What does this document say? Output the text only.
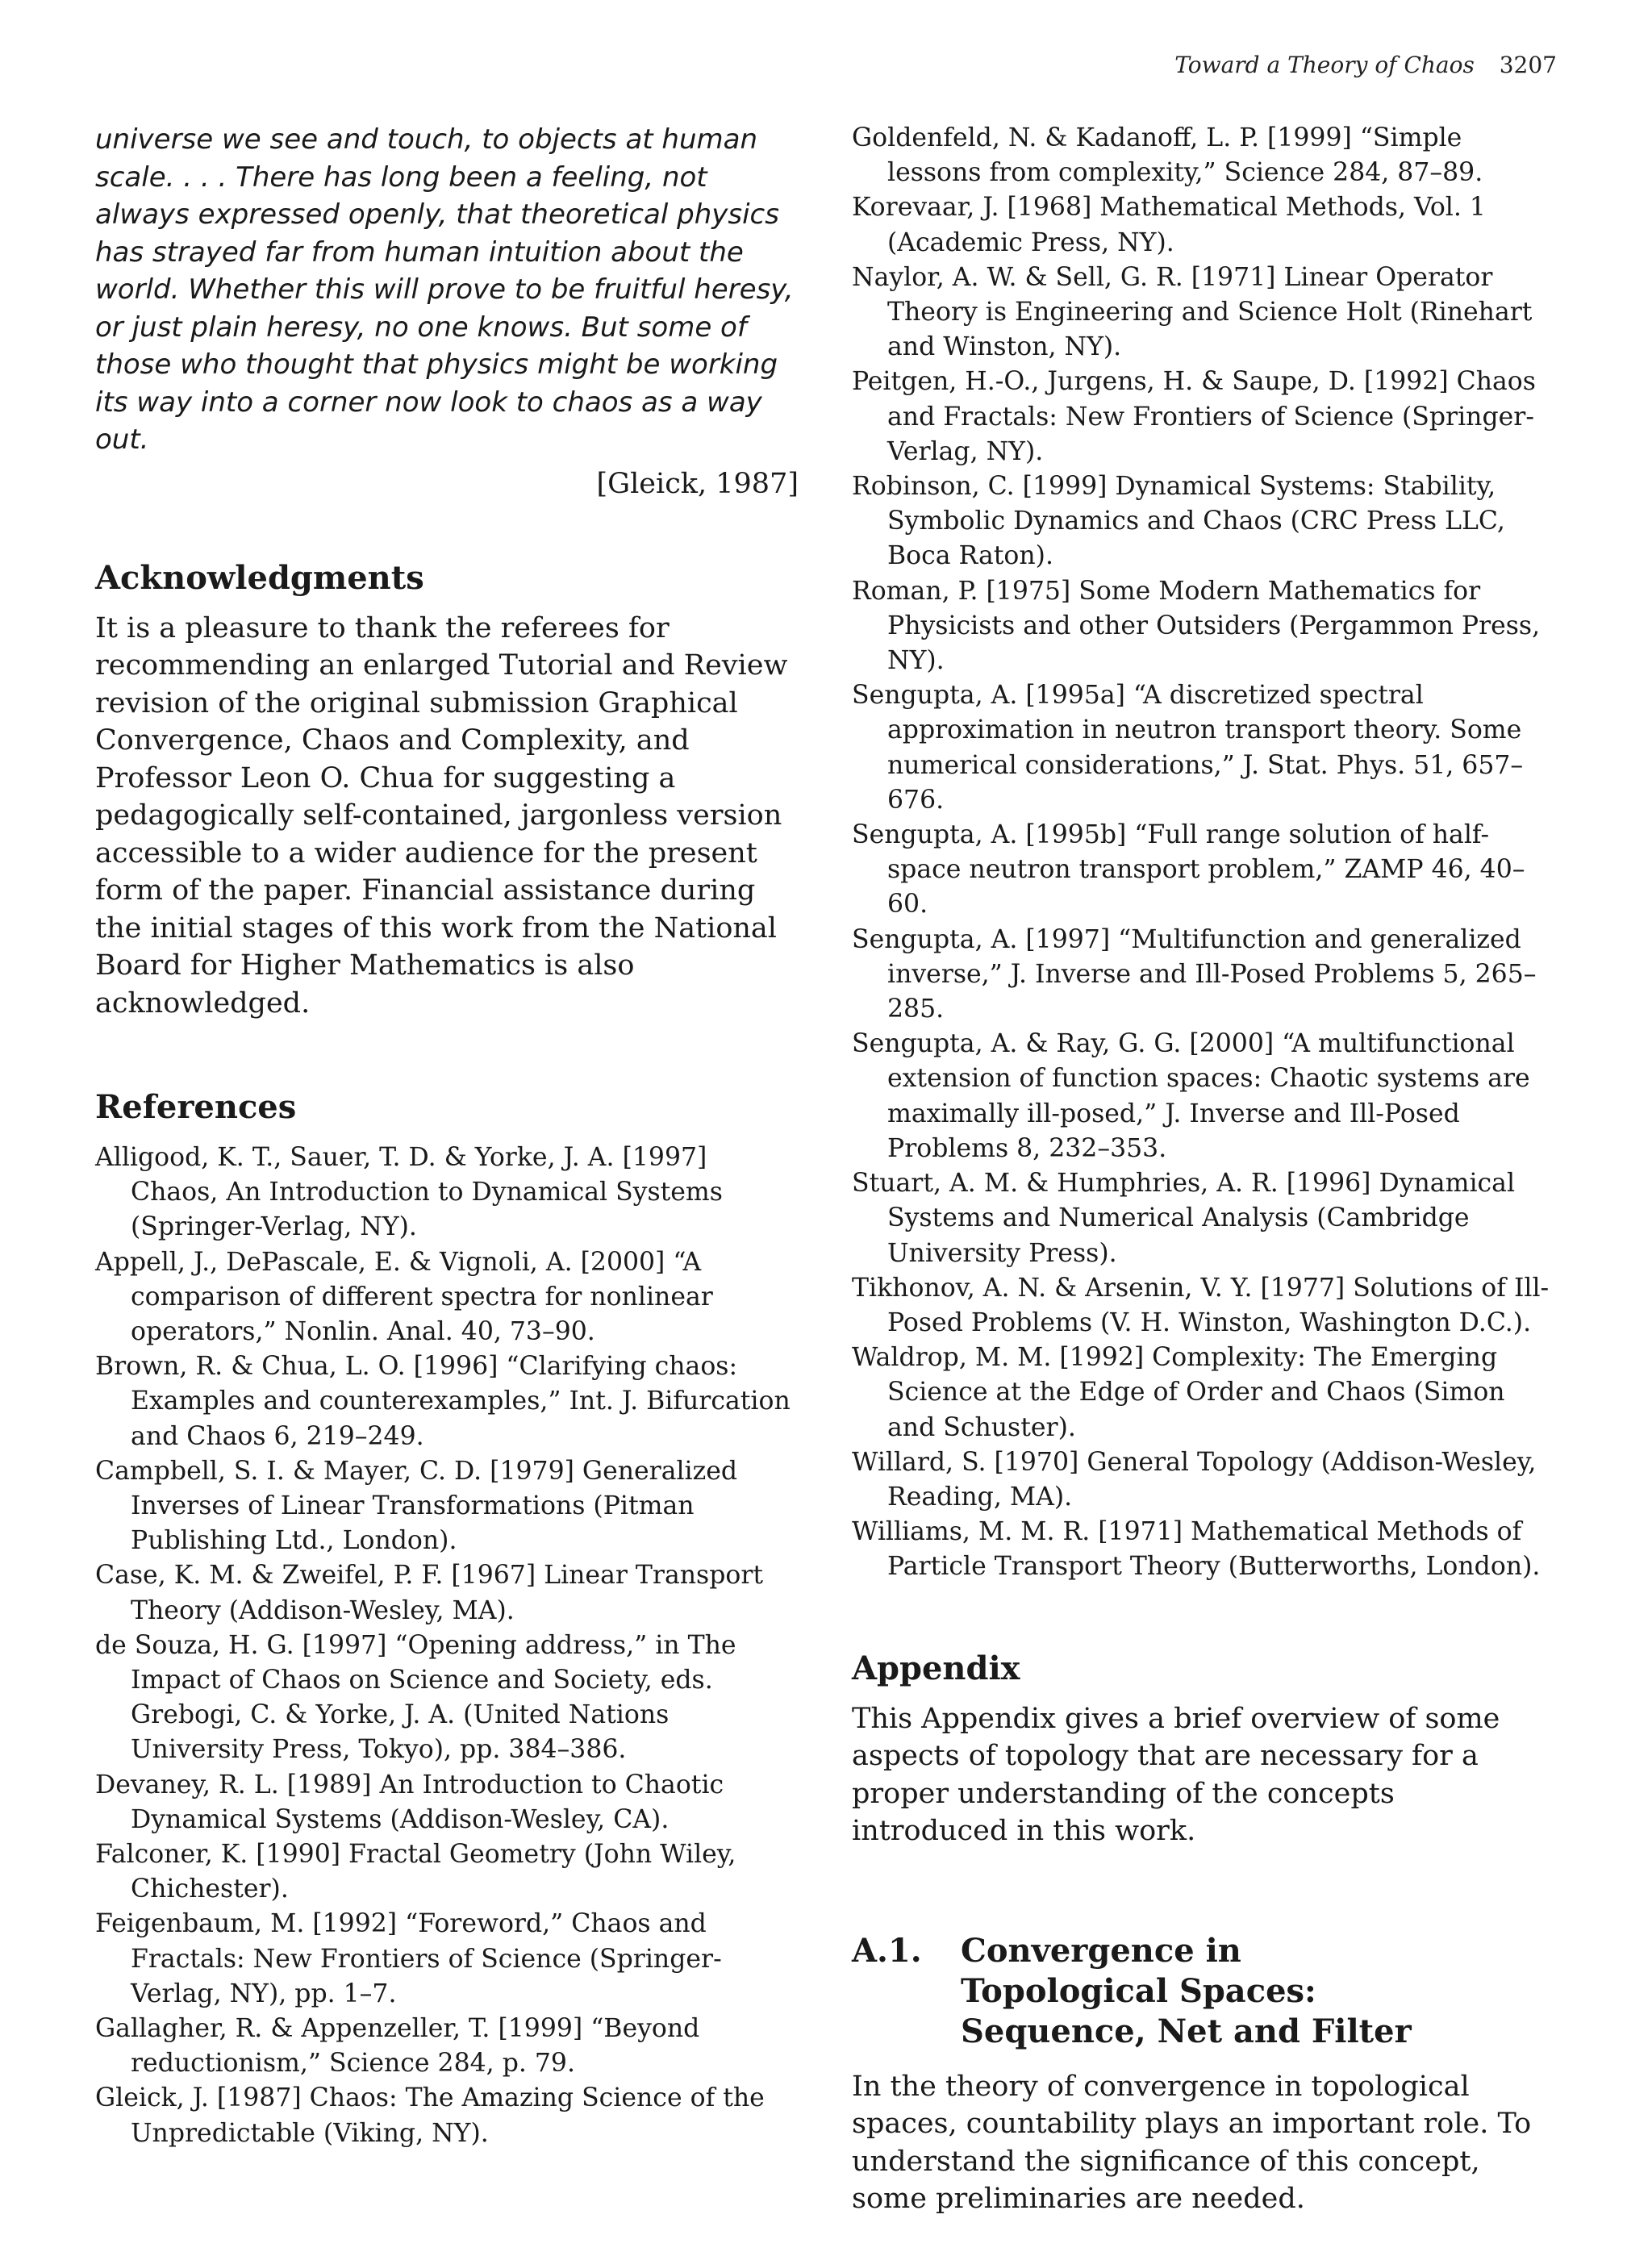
Toward a Theory of Chaos 3207

universe we see and touch, to objects at human scale. . . . There has long been a feeling, not always expressed openly, that theoretical physics has strayed far from human intuition about the world. Whether this will prove to be fruitful heresy, or just plain heresy, no one knows. But some of those who thought that physics might be working its way into a corner now look to chaos as a way out.

[Gleick, 1987]
Acknowledgments

It is a pleasure to thank the referees for recommending an enlarged Tutorial and Review revision of the original submission Graphical Convergence, Chaos and Complexity, and Professor Leon O. Chua for suggesting a pedagogically self-contained, jargonless version accessible to a wider audience for the present form of the paper. Financial assistance during the initial stages of this work from the National Board for Higher Mathematics is also acknowledged.

References
Alligood, K. T., Sauer, T. D. & Yorke, J. A. [1997] Chaos, An Introduction to Dynamical Systems (Springer-Verlag, NY).
Appell, J., DePascale, E. & Vignoli, A. [2000] “A comparison of different spectra for nonlinear operators,” Nonlin. Anal. 40, 73–90.
Brown, R. & Chua, L. O. [1996] “Clarifying chaos: Examples and counterexamples,” Int. J. Bifurcation and Chaos 6, 219–249.
Campbell, S. I. & Mayer, C. D. [1979] Generalized Inverses of Linear Transformations (Pitman Publishing Ltd., London).
Case, K. M. & Zweifel, P. F. [1967] Linear Transport Theory (Addison-Wesley, MA).
de Souza, H. G. [1997] “Opening address,” in The Impact of Chaos on Science and Society, eds. Grebogi, C. & Yorke, J. A. (United Nations University Press, Tokyo), pp. 384–386.
Devaney, R. L. [1989] An Introduction to Chaotic Dynamical Systems (Addison-Wesley, CA).
Falconer, K. [1990] Fractal Geometry (John Wiley, Chichester).
Feigenbaum, M. [1992] “Foreword,” Chaos and Fractals: New Frontiers of Science (Springer-Verlag, NY), pp. 1–7.
Gallagher, R. & Appenzeller, T. [1999] “Beyond reductionism,” Science 284, p. 79.
Gleick, J. [1987] Chaos: The Amazing Science of the Unpredictable (Viking, NY).
Goldenfeld, N. & Kadanoff, L. P. [1999] “Simple lessons from complexity,” Science 284, 87–89.
Korevaar, J. [1968] Mathematical Methods, Vol. 1 (Academic Press, NY).
Naylor, A. W. & Sell, G. R. [1971] Linear Operator Theory is Engineering and Science Holt (Rinehart and Winston, NY).
Peitgen, H.-O., Jurgens, H. & Saupe, D. [1992] Chaos and Fractals: New Frontiers of Science (Springer-Verlag, NY).
Robinson, C. [1999] Dynamical Systems: Stability, Symbolic Dynamics and Chaos (CRC Press LLC, Boca Raton).
Roman, P. [1975] Some Modern Mathematics for Physicists and other Outsiders (Pergammon Press, NY).
Sengupta, A. [1995a] “A discretized spectral approximation in neutron transport theory. Some numerical considerations,” J. Stat. Phys. 51, 657–676.
Sengupta, A. [1995b] “Full range solution of half-space neutron transport problem,” ZAMP 46, 40–60.
Sengupta, A. [1997] “Multifunction and generalized inverse,” J. Inverse and Ill-Posed Problems 5, 265–285.
Sengupta, A. & Ray, G. G. [2000] “A multifunctional extension of function spaces: Chaotic systems are maximally ill-posed,” J. Inverse and Ill-Posed Problems 8, 232–353.
Stuart, A. M. & Humphries, A. R. [1996] Dynamical Systems and Numerical Analysis (Cambridge University Press).
Tikhonov, A. N. & Arsenin, V. Y. [1977] Solutions of Ill-Posed Problems (V. H. Winston, Washington D.C.).
Waldrop, M. M. [1992] Complexity: The Emerging Science at the Edge of Order and Chaos (Simon and Schuster).
Willard, S. [1970] General Topology (Addison-Wesley, Reading, MA).
Williams, M. M. R. [1971] Mathematical Methods of Particle Transport Theory (Butterworths, London).
Appendix

This Appendix gives a brief overview of some aspects of topology that are necessary for a proper understanding of the concepts introduced in this work.

A.1.	Convergence in Topological Spaces: Sequence, Net and Filter

In the theory of convergence in topological spaces, countability plays an important role. To understand the significance of this concept, some preliminaries are needed.
